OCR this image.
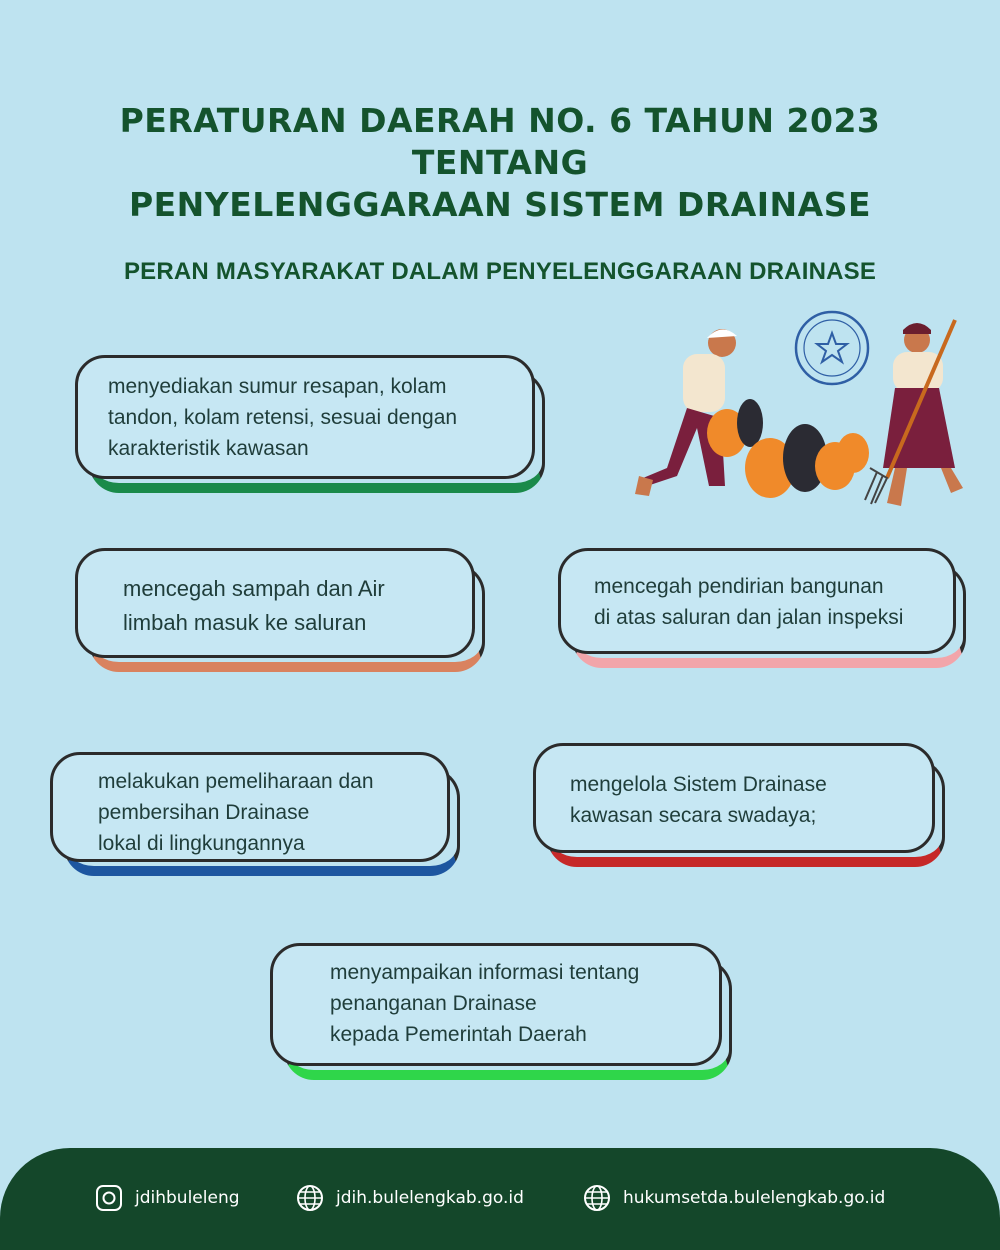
PERATURAN DAERAH NO. 6 TAHUN 2023
TENTANG
PENYELENGGARAAN SISTEM DRAINASE
PERAN MASYARAKAT DALAM PENYELENGGARAAN DRAINASE
menyediakan sumur resapan, kolam
tandon, kolam retensi, sesuai dengan
karakteristik kawasan
mencegah sampah dan Air
limbah masuk ke saluran
mencegah pendirian bangunan
di atas saluran dan jalan inspeksi
melakukan pemeliharaan dan
pembersihan Drainase
lokal di lingkungannya
mengelola Sistem Drainase
kawasan secara swadaya;
menyampaikan informasi tentang
penanganan Drainase
kepada Pemerintah Daerah
jdihbuleleng	jdih.bulelengkab.go.id	hukumsetda.bulelengkab.go.id
